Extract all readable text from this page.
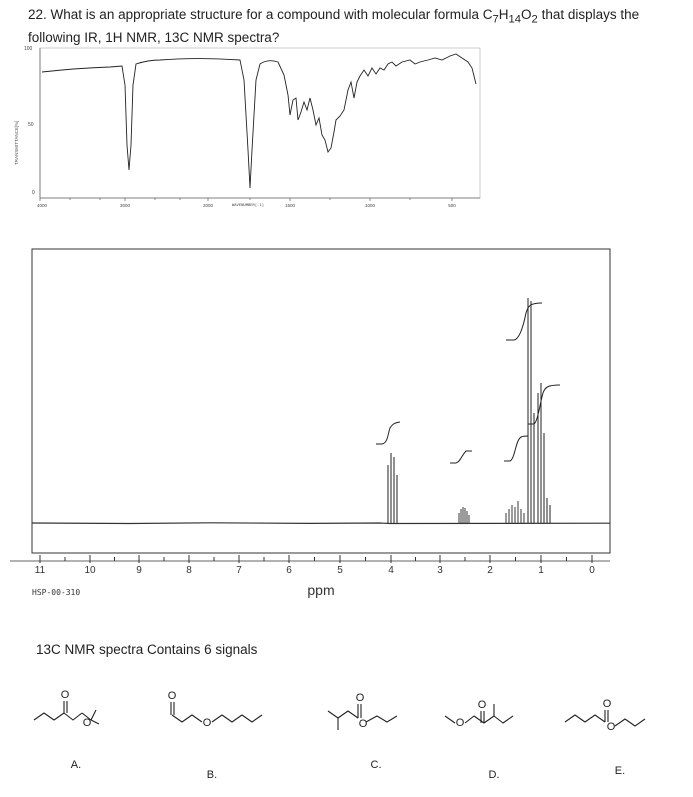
22. What is an appropriate structure for a compound with molecular formula $C_7H_{14}O_2$ that displays the
following IR, 1H NMR, 13C NMR spectra?
TRANSMITTANCE[%]
100
50
0
4000	3000	2000	1500	1000	500
WAVENUMBER[-1]
11	10	9	8	7	6	5	4	3	2	1	0
ppm
HSP-00-310
13C NMR spectra Contains 6 signals
O
O
O
O
O
O	O
O	O
O
A.
B.
C.
D.	E.
